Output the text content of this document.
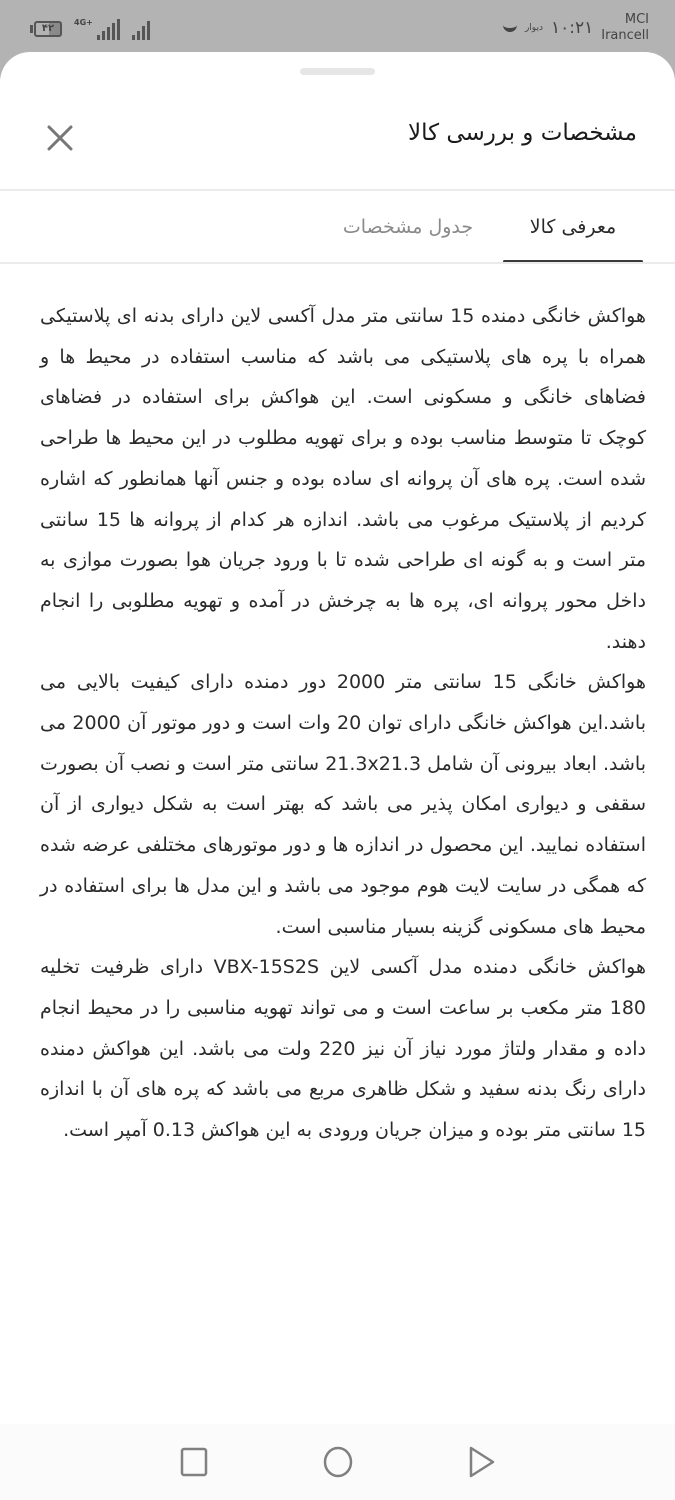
۴۲
4G+
دیوار ۱۰:۲۱	MCI
Irancell
مشخصات و بررسی کالا
معرفی کالا
جدول مشخصات

هواکش خانگی دمنده 15 سانتی متر مدل آکسی لاین دارای بدنه ای پلاستیکی همراه با پره های پلاستیکی می باشد که مناسب استفاده در محیط ها و فضاهای خانگی و مسکونی است. این هواکش برای استفاده در فضاهای کوچک تا متوسط مناسب بوده و برای تهویه مطلوب در این محیط ها طراحی شده است. پره های آن پروانه ای ساده بوده و جنس آنها همانطور که اشاره کردیم از پلاستیک مرغوب می باشد. اندازه هر کدام از پروانه ها 15 سانتی متر است و به گونه ای طراحی شده تا با ورود جریان هوا بصورت موازی به داخل محور پروانه ای، پره ها به چرخش در آمده و تهویه مطلوبی را انجام دهند.

هواکش خانگی 15 سانتی متر 2000 دور دمنده دارای کیفیت بالایی می باشد.این هواکش خانگی دارای توان 20 وات است و دور موتور آن 2000 می باشد. ابعاد بیرونی آن شامل 21.3x21.3 سانتی متر است و نصب آن بصورت سقفی و دیواری امکان پذیر می باشد که بهتر است به شکل دیواری از آن استفاده نمایید. این محصول در اندازه ها و دور موتورهای مختلفی عرضه شده که همگی در سایت لایت هوم موجود می باشد و این مدل ها برای استفاده در محیط های مسکونی گزینه بسیار مناسبی است.

هواکش خانگی دمنده مدل آکسی لاین VBX-15S2S دارای ظرفیت تخلیه 180 متر مکعب بر ساعت است و می تواند تهویه مناسبی را در محیط انجام داده و مقدار ولتاژ مورد نیاز آن نیز 220 ولت می باشد. این هواکش دمنده دارای رنگ بدنه سفید و شکل ظاهری مربع می باشد که پره های آن با اندازه 15 سانتی متر بوده و میزان جریان ورودی به این هواکش 0.13 آمپر است.
